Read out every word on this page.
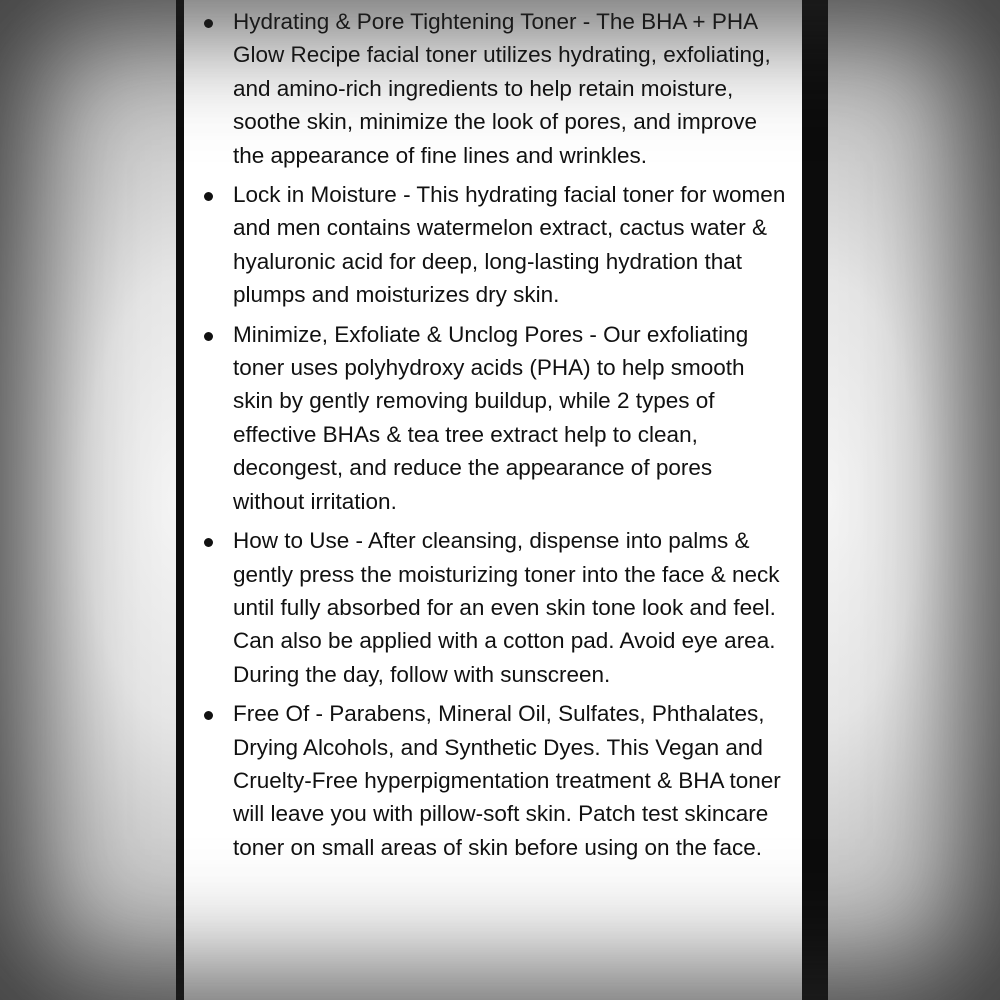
Hydrating & Pore Tightening Toner - The BHA + PHA Glow Recipe facial toner utilizes hydrating, exfoliating, and amino-rich ingredients to help retain moisture, soothe skin, minimize the look of pores, and improve the appearance of fine lines and wrinkles.
Lock in Moisture - This hydrating facial toner for women and men contains watermelon extract, cactus water & hyaluronic acid for deep, long-lasting hydration that plumps and moisturizes dry skin.
Minimize, Exfoliate & Unclog Pores - Our exfoliating toner uses polyhydroxy acids (PHA) to help smooth skin by gently removing buildup, while 2 types of effective BHAs & tea tree extract help to clean, decongest, and reduce the appearance of pores without irritation.
How to Use - After cleansing, dispense into palms & gently press the moisturizing toner into the face & neck until fully absorbed for an even skin tone look and feel. Can also be applied with a cotton pad. Avoid eye area. During the day, follow with sunscreen.
Free Of - Parabens, Mineral Oil, Sulfates, Phthalates, Drying Alcohols, and Synthetic Dyes. This Vegan and Cruelty-Free hyperpigmentation treatment & BHA toner will leave you with pillow-soft skin. Patch test skincare toner on small areas of skin before using on the face.
